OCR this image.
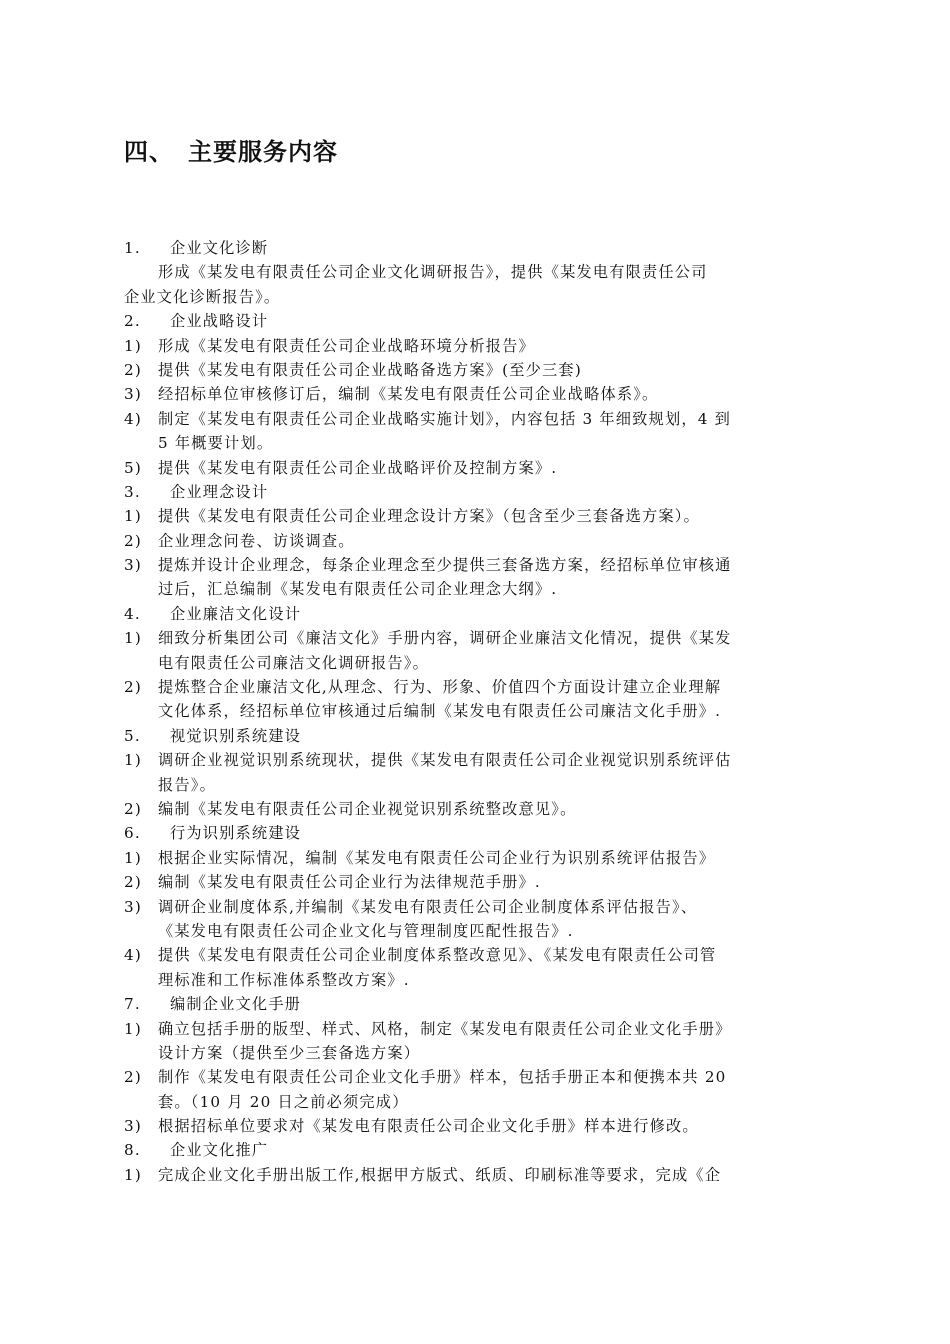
四、 主要服务内容
1. 企业文化诊断
形成《某发电有限责任公司企业文化调研报告》，提供《某发电有限责任公司
企业文化诊断报告》。
2. 企业战略设计
1) 形成《某发电有限责任公司企业战略环境分析报告》
2) 提供《某发电有限责任公司企业战略备选方案》(至少三套)
3) 经招标单位审核修订后，编制《某发电有限责任公司企业战略体系》。
4) 制定《某发电有限责任公司企业战略实施计划》，内容包括 3 年细致规划，4 到
5 年概要计划。
5) 提供《某发电有限责任公司企业战略评价及控制方案》.
3. 企业理念设计
1) 提供《某发电有限责任公司企业理念设计方案》（包含至少三套备选方案）。
2) 企业理念问卷、访谈调查。
3) 提炼并设计企业理念，每条企业理念至少提供三套备选方案，经招标单位审核通
过后，汇总编制《某发电有限责任公司企业理念大纲》.
4. 企业廉洁文化设计
1) 细致分析集团公司《廉洁文化》手册内容，调研企业廉洁文化情况，提供《某发
电有限责任公司廉洁文化调研报告》。
2) 提炼整合企业廉洁文化,从理念、行为、形象、价值四个方面设计建立企业理解
文化体系，经招标单位审核通过后编制《某发电有限责任公司廉洁文化手册》.
5. 视觉识别系统建设
1) 调研企业视觉识别系统现状，提供《某发电有限责任公司企业视觉识别系统评估
报告》。
2) 编制《某发电有限责任公司企业视觉识别系统整改意见》。
6. 行为识别系统建设
1) 根据企业实际情况，编制《某发电有限责任公司企业行为识别系统评估报告》
2) 编制《某发电有限责任公司企业行为法律规范手册》.
3) 调研企业制度体系,并编制《某发电有限责任公司企业制度体系评估报告》、
《某发电有限责任公司企业文化与管理制度匹配性报告》.
4) 提供《某发电有限责任公司企业制度体系整改意见》、《某发电有限责任公司管
理标准和工作标准体系整改方案》.
7. 编制企业文化手册
1) 确立包括手册的版型、样式、风格，制定《某发电有限责任公司企业文化手册》
设计方案（提供至少三套备选方案）
2) 制作《某发电有限责任公司企业文化手册》样本，包括手册正本和便携本共 20
套。（10 月 20 日之前必须完成）
3) 根据招标单位要求对《某发电有限责任公司企业文化手册》样本进行修改。
8. 企业文化推广
1) 完成企业文化手册出版工作,根据甲方版式、纸质、印刷标准等要求，完成《企
